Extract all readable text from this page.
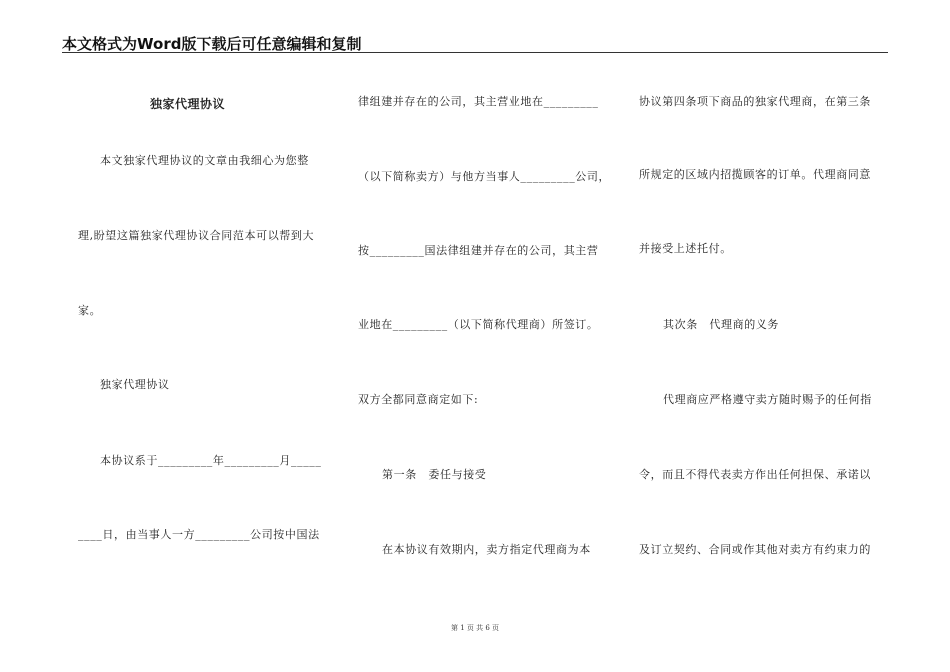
本文格式为Word版下载后可任意编辑和复制
独家代理协议
本文独家代理协议的文章由我细心为您整
理,盼望这篇独家代理协议合同范本可以帮到大
家。
独家代理协议
本协议系于_________年_________月_____
____日，由当事人一方_________公司按中国法
律组建并存在的公司，其主营业地在_________
（以下简称卖方）与他方当事人_________公司，
按_________国法律组建并存在的公司，其主营
业地在_________（以下简称代理商）所签订。
双方全都同意商定如下:
第一条　委任与接受
在本协议有效期内，卖方指定代理商为本
协议第四条项下商品的独家代理商，在第三条
所规定的区域内招揽顾客的订单。代理商同意
并接受上述托付。
其次条　代理商的义务
代理商应严格遵守卖方随时赐予的任何指
令，而且不得代表卖方作出任何担保、承诺以
及订立契约、合同或作其他对卖方有约束力的
第 1 页 共 6 页
